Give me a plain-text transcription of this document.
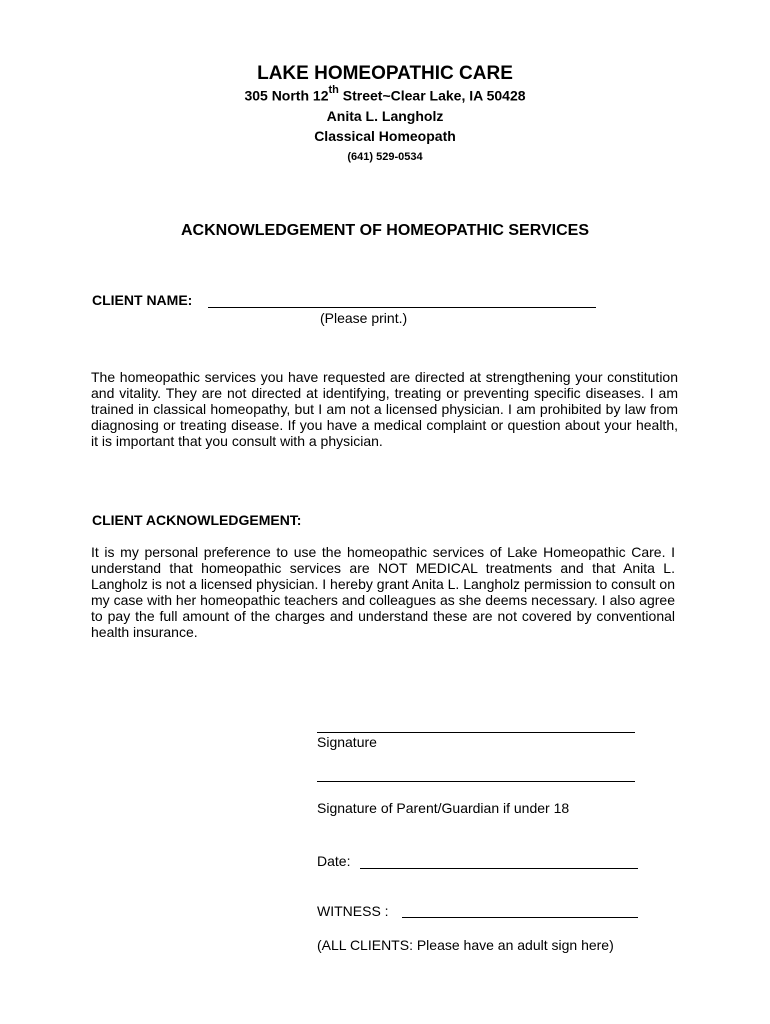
LAKE HOMEOPATHIC CARE
305 North 12th Street~Clear Lake, IA 50428
Anita L. Langholz
Classical Homeopath
(641) 529-0534
ACKNOWLEDGEMENT OF HOMEOPATHIC SERVICES
CLIENT NAME:
(Please print.)
The homeopathic services you have requested are directed at strengthening your constitution and vitality. They are not directed at identifying, treating or preventing specific diseases. I am trained in classical homeopathy, but I am not a licensed physician. I am prohibited by law from diagnosing or treating disease. If you have a medical complaint or question about your health, it is important that you consult with a physician.
CLIENT ACKNOWLEDGEMENT:
It is my personal preference to use the homeopathic services of Lake Homeopathic Care. I understand that homeopathic services are NOT MEDICAL treatments and that Anita L. Langholz is not a licensed physician. I hereby grant Anita L. Langholz permission to consult on my case with her homeopathic teachers and colleagues as she deems necessary. I also agree to pay the full amount of the charges and understand these are not covered by conventional health insurance.
Signature
Signature of Parent/Guardian if under 18
Date:
WITNESS :
(ALL CLIENTS: Please have an adult sign here)
